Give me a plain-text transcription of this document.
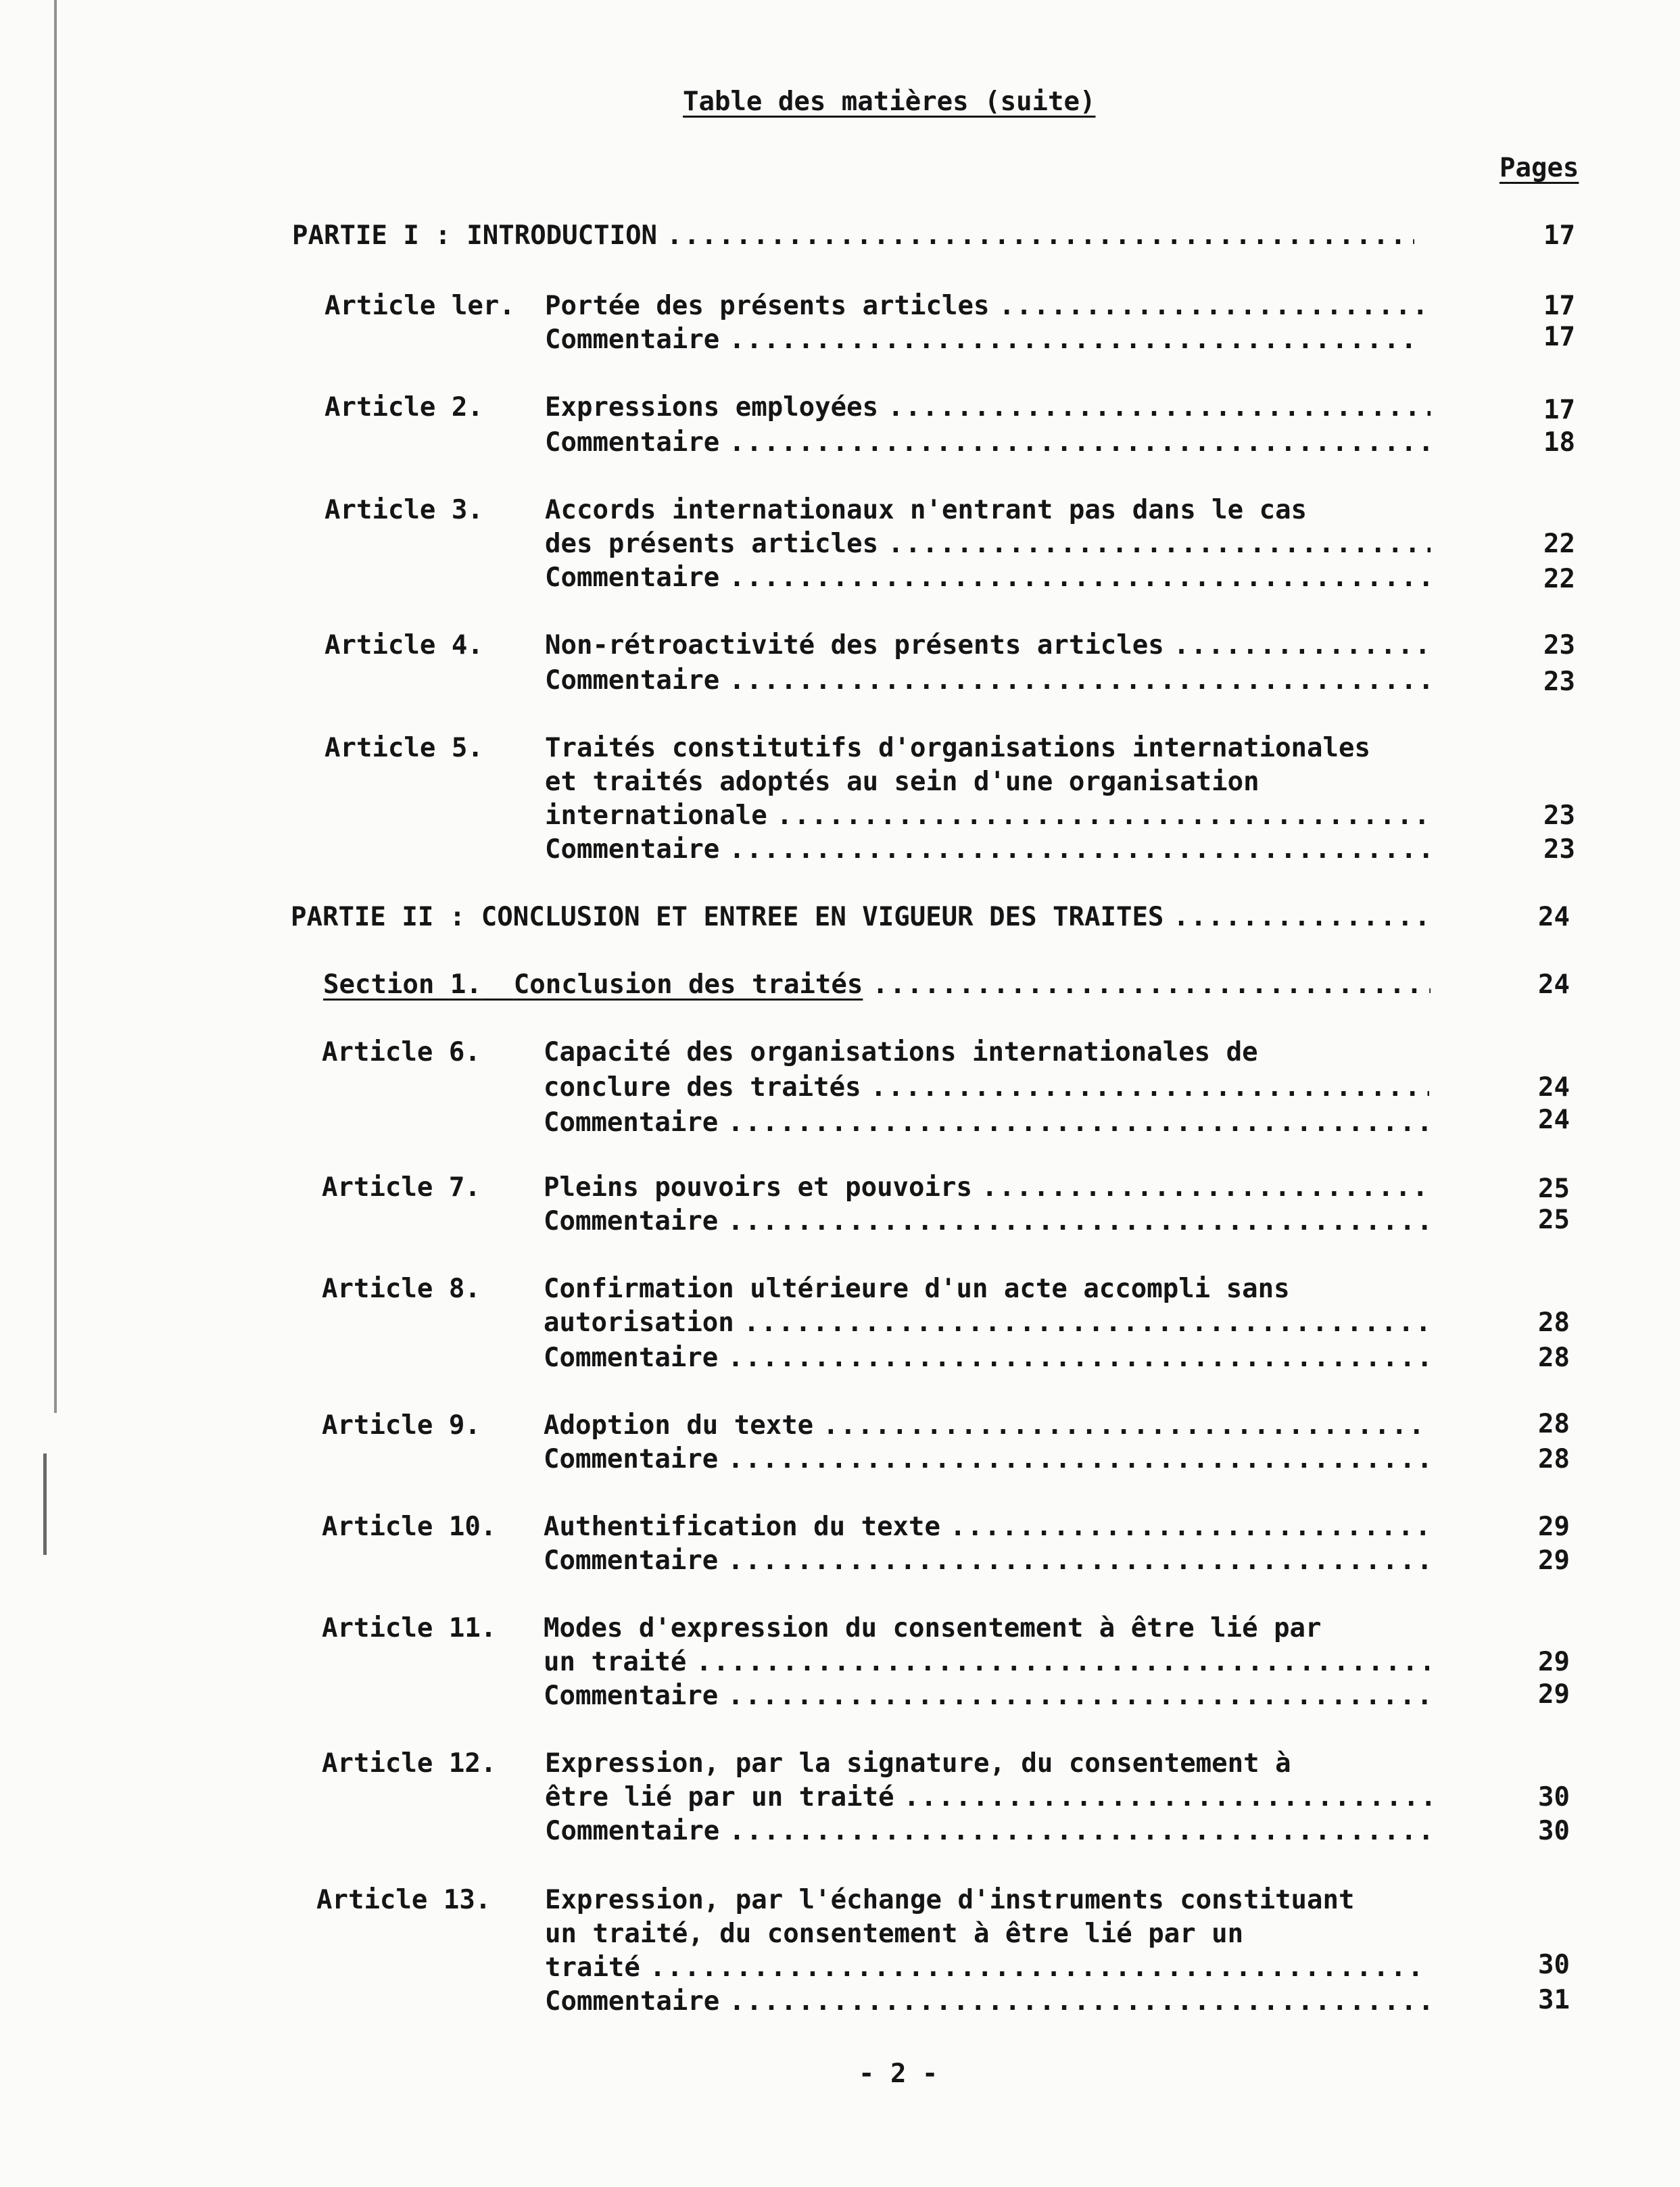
Table des matières (suite)
Pages
PARTIE I : INTRODUCTION .....	17
Article ler. Portée des présents articles .....	17
Commentaire .....	17
Article 2. Expressions employées .....	17
Commentaire .....	18
Article 3. Accords internationaux n'entrant pas dans le cas
des présents articles .....	22
Commentaire .....	22
Article 4. Non-rétroactivité des présents articles .....	23
Commentaire .....	23
Article 5. Traités constitutifs d'organisations internationales
et traités adoptés au sein d'une organisation
internationale .....	23
Commentaire .....	23
PARTIE II : CONCLUSION ET ENTREE EN VIGUEUR DES TRAITES .....	24
Section 1. Conclusion des traités .....	24
Article 6. Capacité des organisations internationales de
conclure des traités .....	24
Commentaire .....	24
Article 7. Pleins pouvoirs et pouvoirs .....	25
Commentaire .....	25
Article 8. Confirmation ultérieure d'un acte accompli sans
autorisation .....	28
Commentaire .....	28
Article 9. Adoption du texte .....	28
Commentaire .....	28
Article 10. Authentification du texte .....	29
Commentaire .....	29
Article 11. Modes d'expression du consentement à être lié par
un traité .....	29
Commentaire .....	29
Article 12. Expression, par la signature, du consentement à
être lié par un traité .....	30
Commentaire .....	30
Article 13. Expression, par l'échange d'instruments constituant
un traité, du consentement à être lié par un
traité .....	30
Commentaire .....	31
- 2 -
